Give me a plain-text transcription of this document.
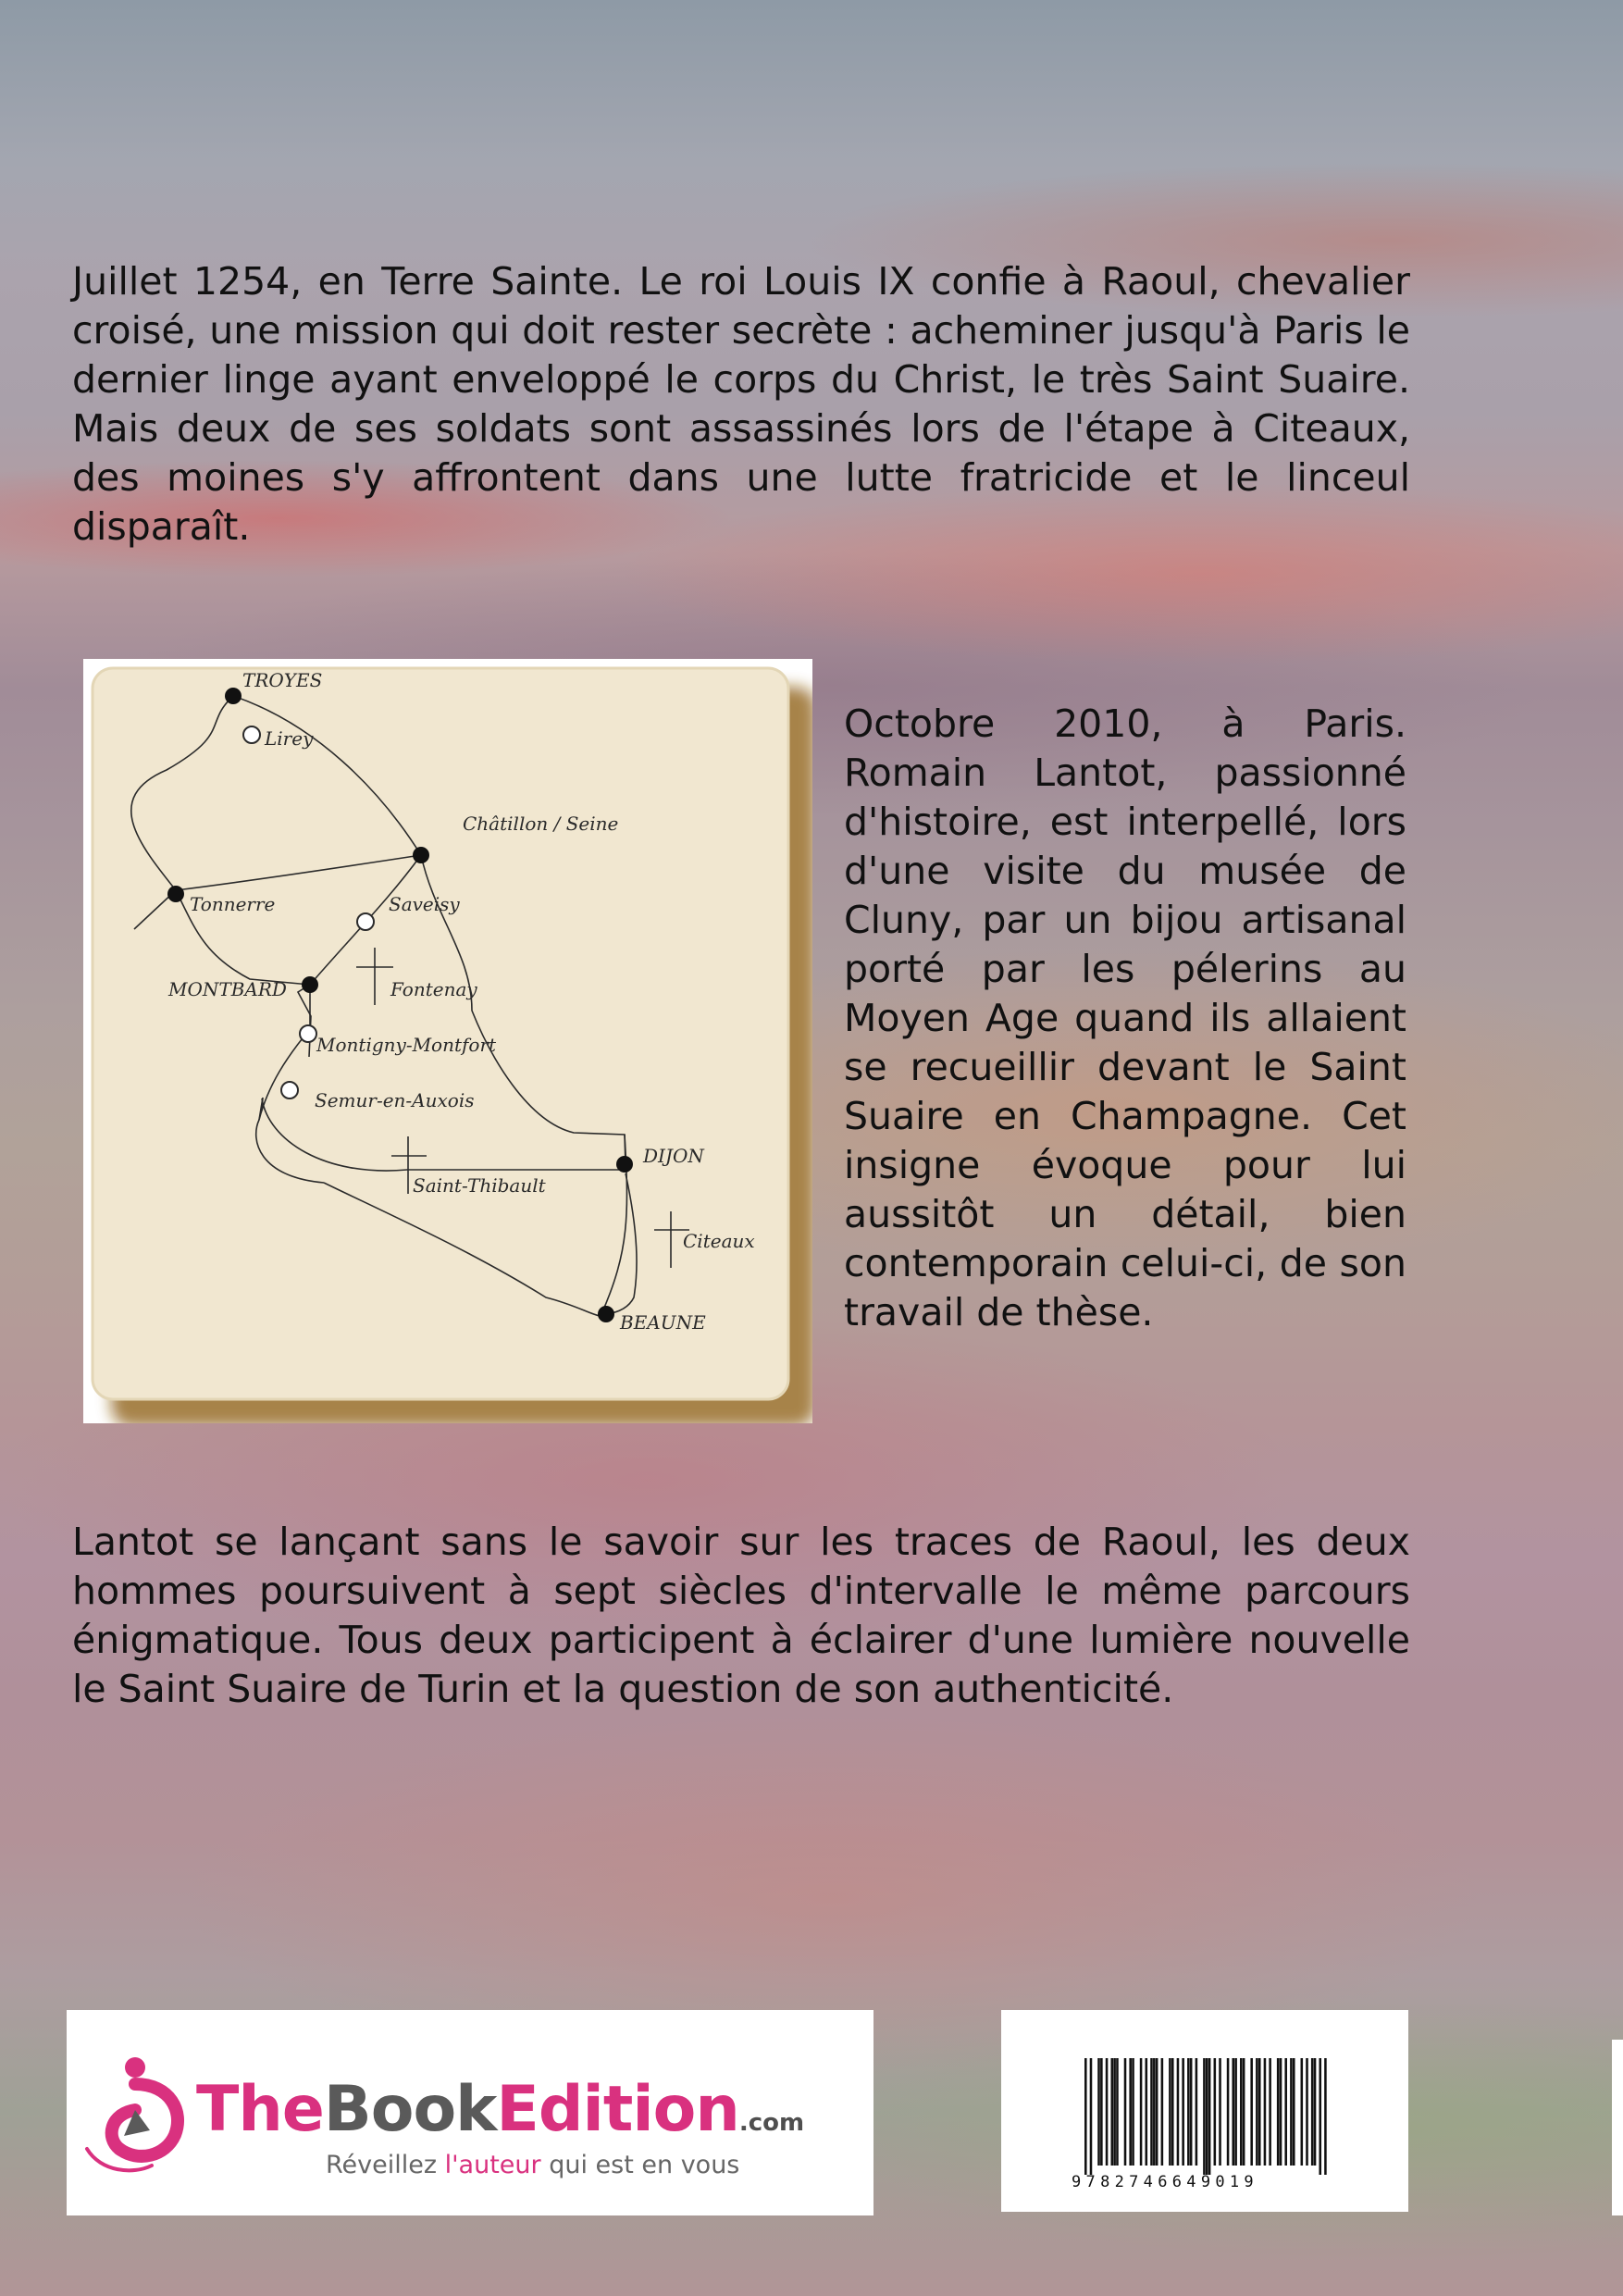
Juillet 1254, en Terre Sainte. Le roi Louis IX confie à Raoul, chevalier croisé, une mission qui doit rester secrète : acheminer jusqu'à Paris le dernier linge ayant enveloppé le corps du Christ, le très Saint Suaire. Mais deux de ses soldats sont assassinés lors de l'étape à Citeaux, des moines s'y affrontent dans une lutte fratricide et le linceul disparaît.

TROYES
Lirey
Châtillon / Seine
Tonnerre	Saveisy
MONTBARD	Fontenay
Montigny-Montfort
Semur-en-Auxois
DIJON
Saint-Thibault
Citeaux
BEAUNE

Octobre 2010, à Paris. Romain Lantot, passionné d'histoire, est interpellé, lors d'une visite du musée de Cluny, par un bijou artisanal porté par les pélerins au Moyen Age quand ils allaient se recueillir devant le Saint Suaire en Champagne. Cet insigne évoque pour lui aussitôt un détail, bien contemporain celui-ci, de son travail de thèse.

Lantot se lançant sans le savoir sur les traces de Raoul, les deux hommes poursuivent à sept siècles d'intervalle le même parcours énigmatique. Tous deux participent à éclairer d'une lumière nouvelle le Saint Suaire de Turin et la question de son authenticité.

TheBookEdition.com
Réveillez l'auteur qui est en vous
9782746649019
